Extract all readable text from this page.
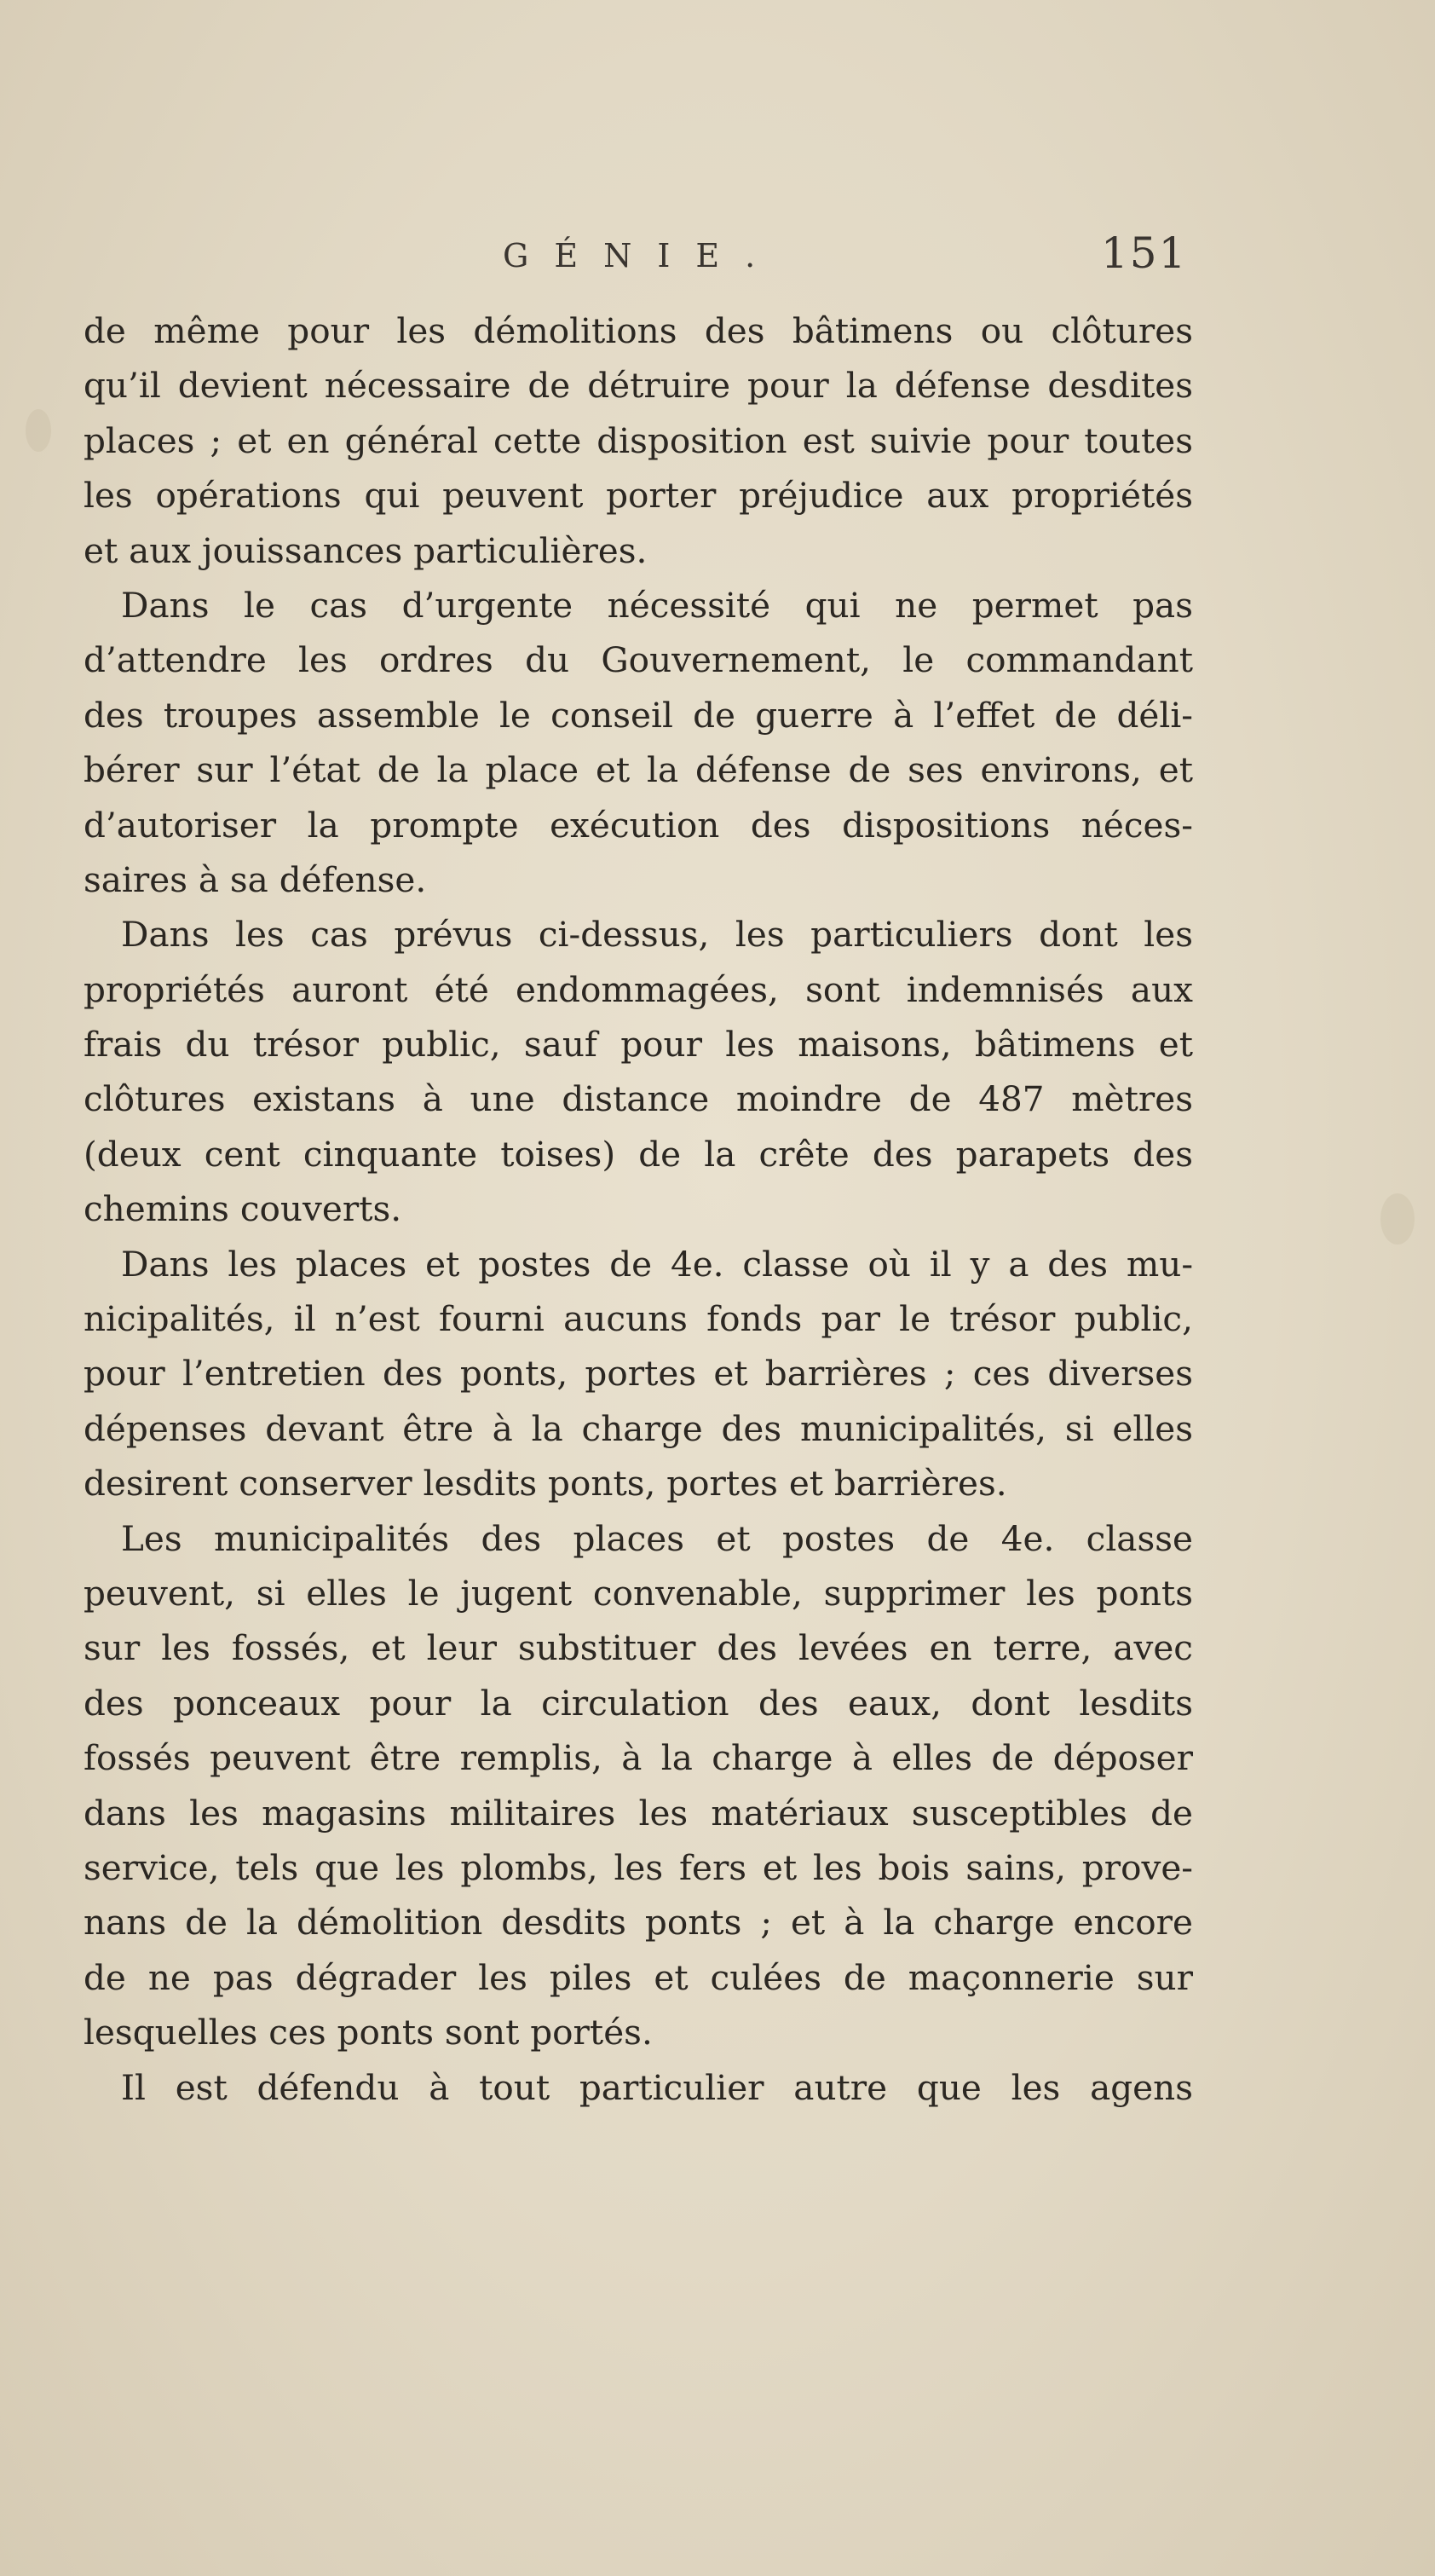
GÉNIE.	151
de même pour les démolitions des bâtimens ou clôtures
qu’il devient nécessaire de détruire pour la défense desdites
places ; et en général cette disposition est suivie pour toutes
les opérations qui peuvent porter préjudice aux propriétés
et aux jouissances particulières.
Dans le cas d’urgente nécessité qui ne permet pas
d’attendre les ordres du Gouvernement, le commandant
des troupes assemble le conseil de guerre à l’effet de déli-
bérer sur l’état de la place et la défense de ses environs, et
d’autoriser la prompte exécution des dispositions néces-
saires à sa défense.
Dans les cas prévus ci-dessus, les particuliers dont les
propriétés auront été endommagées, sont indemnisés aux
frais du trésor public, sauf pour les maisons, bâtimens et
clôtures existans à une distance moindre de 487 mètres
(deux cent cinquante toises) de la crête des parapets des
chemins couverts.
Dans les places et postes de 4e. classe où il y a des mu-
nicipalités, il n’est fourni aucuns fonds par le trésor public,
pour l’entretien des ponts, portes et barrières ; ces diverses
dépenses devant être à la charge des municipalités, si elles
desirent conserver lesdits ponts, portes et barrières.
Les municipalités des places et postes de 4e. classe
peuvent, si elles le jugent convenable, supprimer les ponts
sur les fossés, et leur substituer des levées en terre, avec
des ponceaux pour la circulation des eaux, dont lesdits
fossés peuvent être remplis, à la charge à elles de déposer
dans les magasins militaires les matériaux susceptibles de
service, tels que les plombs, les fers et les bois sains, prove-
nans de la démolition desdits ponts ; et à la charge encore
de ne pas dégrader les piles et culées de maçonnerie sur
lesquelles ces ponts sont portés.
Il est défendu à tout particulier autre que les agens
